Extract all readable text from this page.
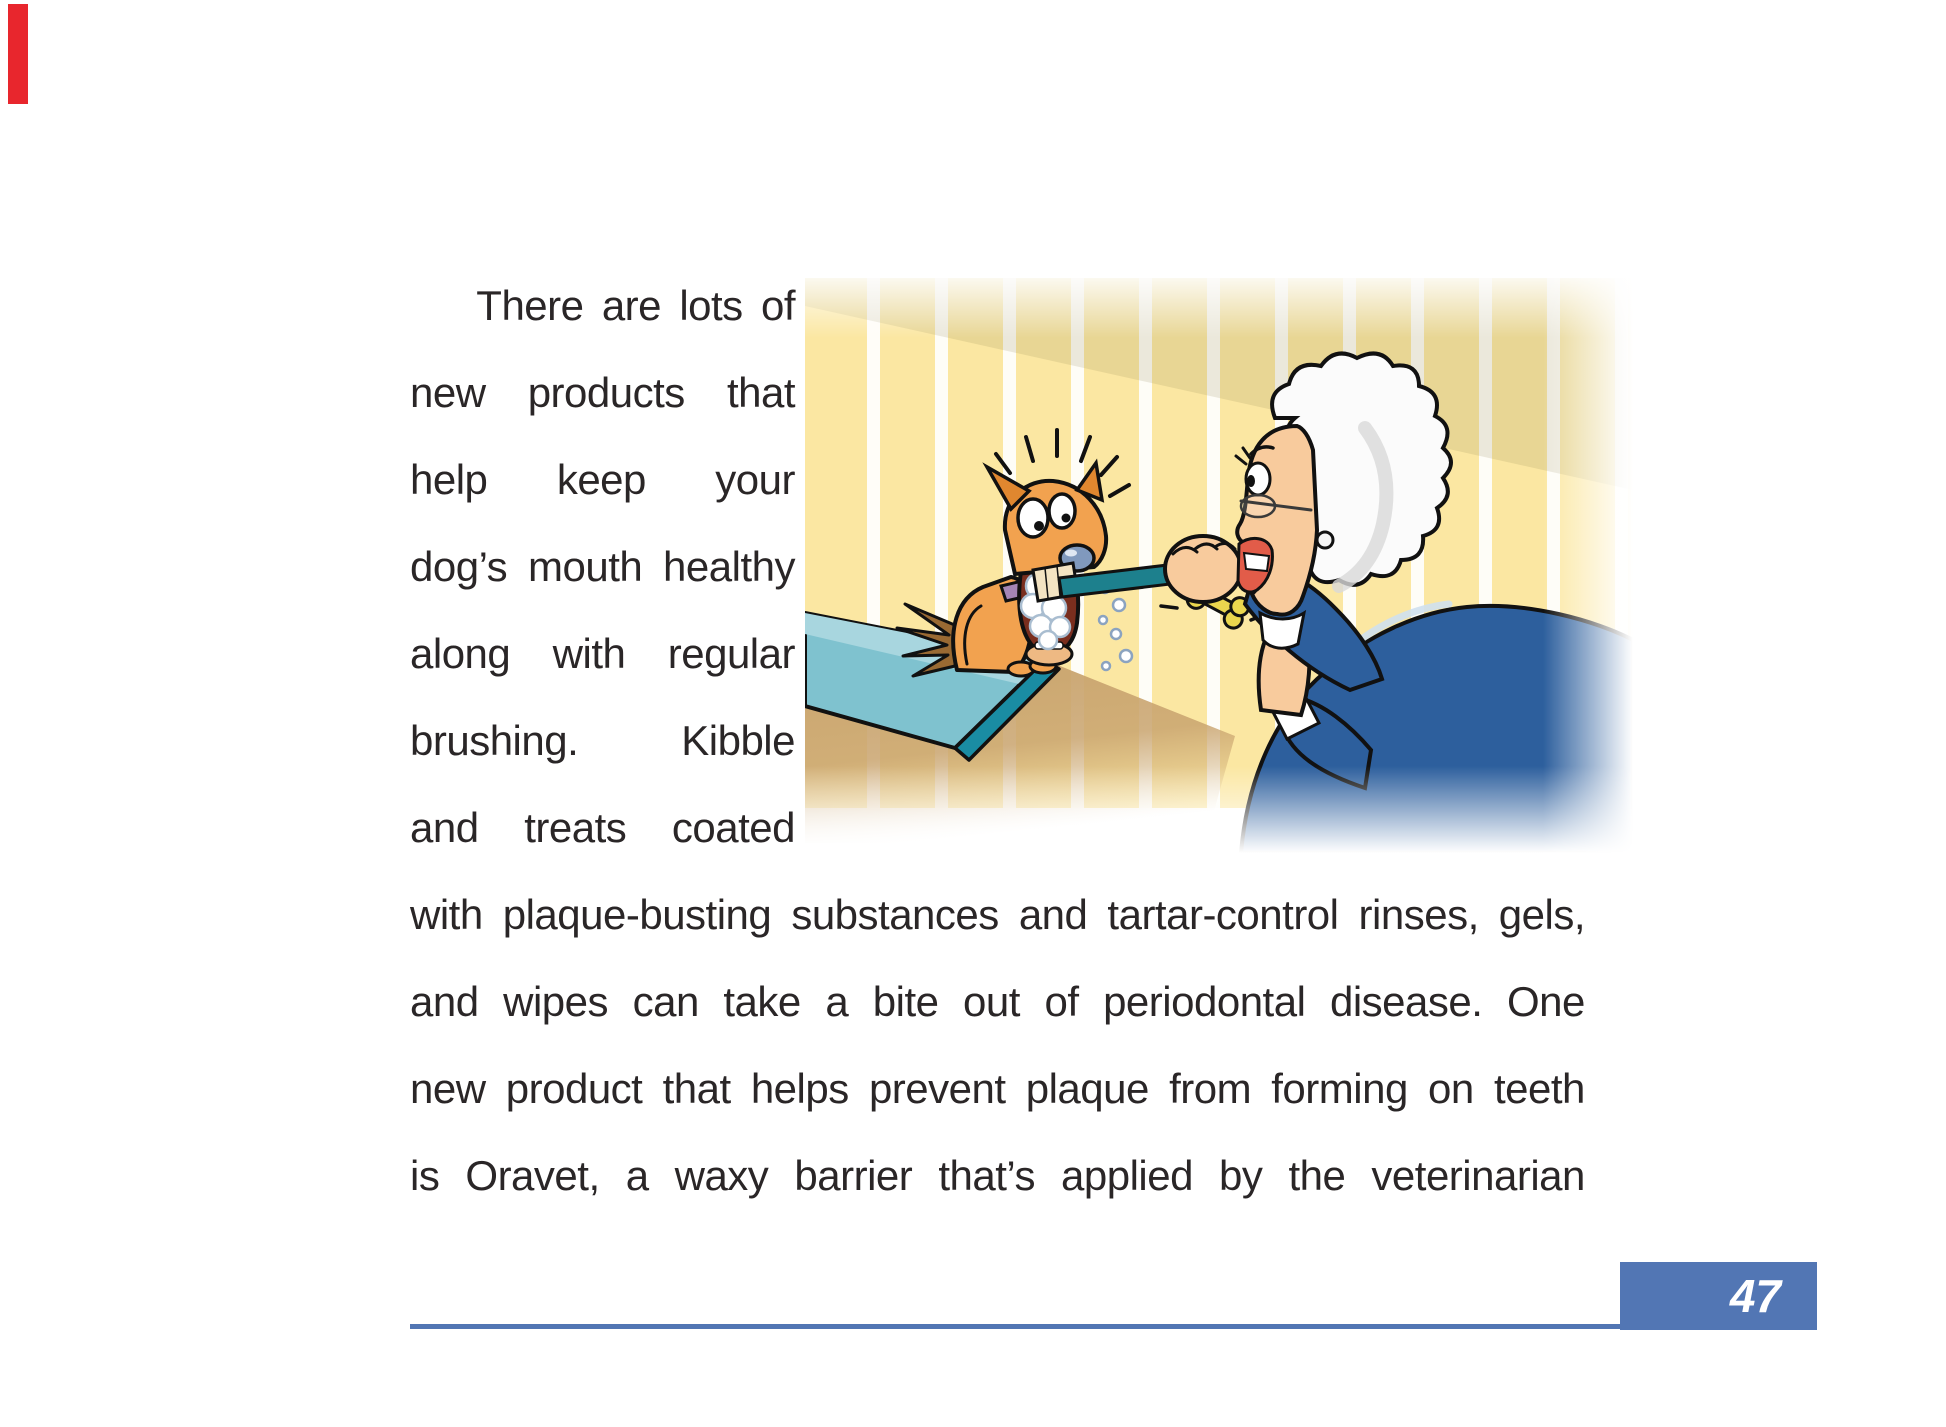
There are lots of
new products that
help keep your
dog’s mouth healthy
along with regular
brushing. Kibble
and treats coated
with plaque-busting substances and tartar-control rinses, gels,
and wipes can take a bite out of periodontal disease. One
new product that helps prevent plaque from forming on teeth
is Oravet, a waxy barrier that’s applied by the veterinarian
47
